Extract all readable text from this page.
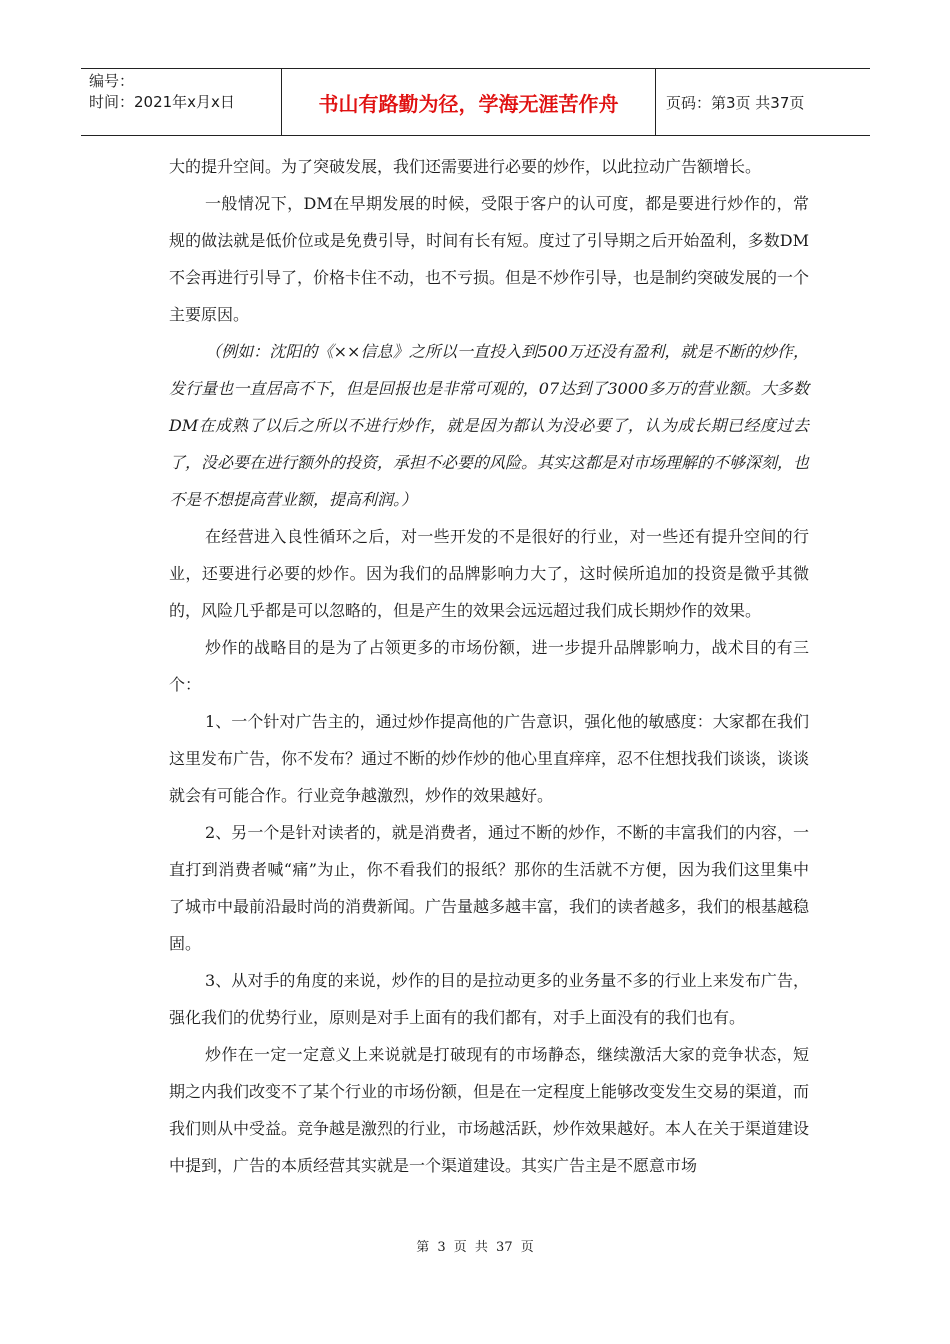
编号：
时间：2021年x月x日	书山有路勤为径，学海无涯苦作舟	页码：第3页 共37页

大的提升空间。为了突破发展，我们还需要进行必要的炒作，以此拉动广告额增长。

一般情况下，DM在早期发展的时候，受限于客户的认可度，都是要进行炒作的，常规的做法就是低价位或是免费引导，时间有长有短。度过了引导期之后开始盈利，多数DM不会再进行引导了，价格卡住不动，也不亏损。但是不炒作引导，也是制约突破发展的一个主要原因。

（例如：沈阳的《××信息》之所以一直投入到500万还没有盈利，就是不断的炒作，发行量也一直居高不下，但是回报也是非常可观的，07达到了3000多万的营业额。大多数DM在成熟了以后之所以不进行炒作，就是因为都认为没必要了，认为成长期已经度过去了，没必要在进行额外的投资，承担不必要的风险。其实这都是对市场理解的不够深刻，也不是不想提高营业额，提高利润。）

在经营进入良性循环之后，对一些开发的不是很好的行业，对一些还有提升空间的行业，还要进行必要的炒作。因为我们的品牌影响力大了，这时候所追加的投资是微乎其微的，风险几乎都是可以忽略的，但是产生的效果会远远超过我们成长期炒作的效果。

炒作的战略目的是为了占领更多的市场份额，进一步提升品牌影响力，战术目的有三个：

1、一个针对广告主的，通过炒作提高他的广告意识，强化他的敏感度：大家都在我们这里发布广告，你不发布？通过不断的炒作炒的他心里直痒痒，忍不住想找我们谈谈，谈谈就会有可能合作。行业竞争越激烈，炒作的效果越好。

2、另一个是针对读者的，就是消费者，通过不断的炒作，不断的丰富我们的内容，一直打到消费者喊“痛”为止，你不看我们的报纸？那你的生活就不方便，因为我们这里集中了城市中最前沿最时尚的消费新闻。广告量越多越丰富，我们的读者越多，我们的根基越稳固。

3、从对手的角度的来说，炒作的目的是拉动更多的业务量不多的行业上来发布广告，强化我们的优势行业，原则是对手上面有的我们都有，对手上面没有的我们也有。

炒作在一定一定意义上来说就是打破现有的市场静态，继续激活大家的竞争状态，短期之内我们改变不了某个行业的市场份额，但是在一定程度上能够改变发生交易的渠道，而我们则从中受益。竞争越是激烈的行业，市场越活跃，炒作效果越好。本人在关于渠道建设中提到，广告的本质经营其实就是一个渠道建设。其实广告主是不愿意市场

第 3 页 共 37 页
